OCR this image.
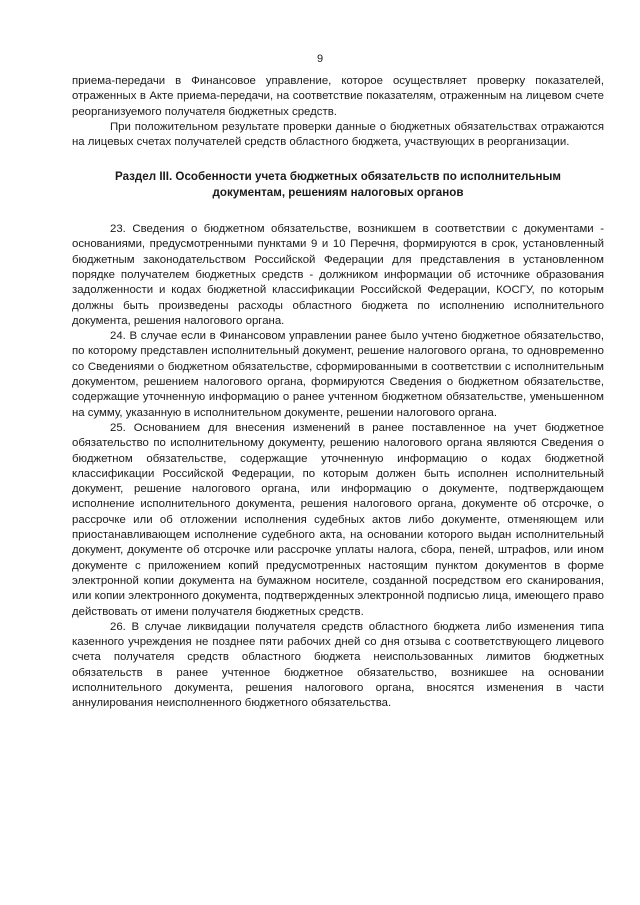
9

приема-передачи в Финансовое управление, которое осуществляет проверку показателей, отраженных в Акте приема-передачи, на соответствие показателям, отраженным на лицевом счете реорганизуемого получателя бюджетных средств.

При положительном результате проверки данные о бюджетных обязательствах отражаются на лицевых счетах получателей средств областного бюджета, участвующих в реорганизации.

Раздел III. Особенности учета бюджетных обязательств по исполнительным документам, решениям налоговых органов

23. Сведения о бюджетном обязательстве, возникшем в соответствии с документами - основаниями, предусмотренными пунктами 9 и 10 Перечня, формируются в срок, установленный бюджетным законодательством Российской Федерации для представления в установленном порядке получателем бюджетных средств - должником информации об источнике образования задолженности и кодах бюджетной классификации Российской Федерации, КОСГУ, по которым должны быть произведены расходы областного бюджета по исполнению исполнительного документа, решения налогового органа.

24. В случае если в Финансовом управлении ранее было учтено бюджетное обязательство, по которому представлен исполнительный документ, решение налогового органа, то одновременно со Сведениями о бюджетном обязательстве, сформированными в соответствии с исполнительным документом, решением налогового органа, формируются Сведения о бюджетном обязательстве, содержащие уточненную информацию о ранее учтенном бюджетном обязательстве, уменьшенном на сумму, указанную в исполнительном документе, решении налогового органа.

25. Основанием для внесения изменений в ранее поставленное на учет бюджетное обязательство по исполнительному документу, решению налогового органа являются Сведения о бюджетном обязательстве, содержащие уточненную информацию о кодах бюджетной классификации Российской Федерации, по которым должен быть исполнен исполнительный документ, решение налогового органа, или информацию о документе, подтверждающем исполнение исполнительного документа, решения налогового органа, документе об отсрочке, о рассрочке или об отложении исполнения судебных актов либо документе, отменяющем или приостанавливающем исполнение судебного акта, на основании которого выдан исполнительный документ, документе об отсрочке или рассрочке уплаты налога, сбора, пеней, штрафов, или ином документе с приложением копий предусмотренных настоящим пунктом документов в форме электронной копии документа на бумажном носителе, созданной посредством его сканирования, или копии электронного документа, подтвержденных электронной подписью лица, имеющего право действовать от имени получателя бюджетных средств.

26. В случае ликвидации получателя средств областного бюджета либо изменения типа казенного учреждения не позднее пяти рабочих дней со дня отзыва с соответствующего лицевого счета получателя средств областного бюджета неиспользованных лимитов бюджетных обязательств в ранее учтенное бюджетное обязательство, возникшее на основании исполнительного документа, решения налогового органа, вносятся изменения в части аннулирования неисполненного бюджетного обязательства.
